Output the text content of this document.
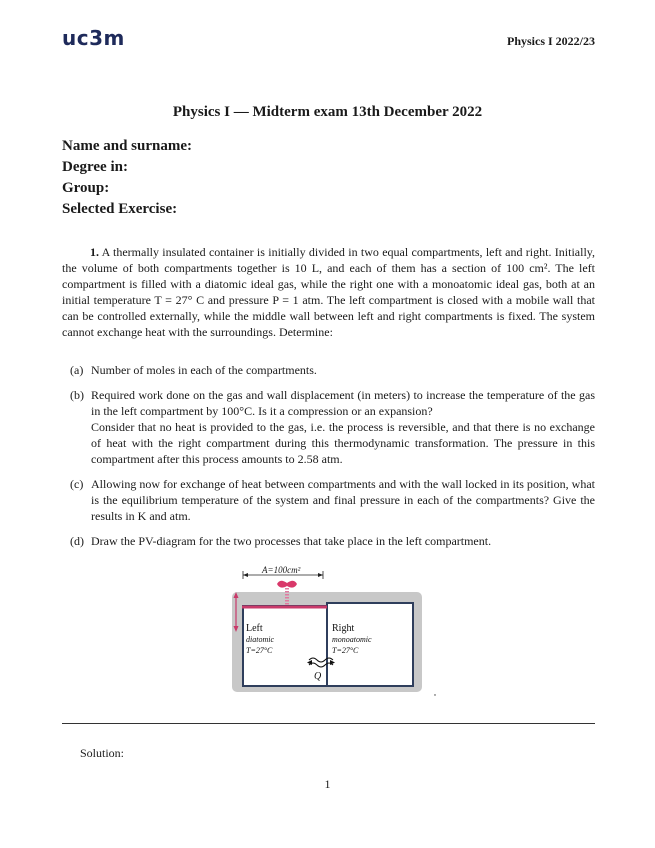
uc3m	Physics I 2022/23
Physics I — Midterm exam 13th December 2022
Name and surname:
Degree in:
Group:
Selected Exercise:

1. A thermally insulated container is initially divided in two equal compartments, left and right. Initially, the volume of both compartments together is 10 L, and each of them has a section of 100 cm². The left compartment is filled with a diatomic ideal gas, while the right one with a monoatomic ideal gas, both at an initial temperature T = 27° C and pressure P = 1 atm. The left compartment is closed with a mobile wall that can be controlled externally, while the middle wall between left and right compartments is fixed. The system cannot exchange heat with the surroundings. Determine:

(a) Number of moles in each of the compartments.

(b) Required work done on the gas and wall displacement (in meters) to increase the temperature of the gas in the left compartment by 100°C. Is it a compression or an expansion?

Consider that no heat is provided to the gas, i.e. the process is reversible, and that there is no exchange of heat with the right compartment during this thermodynamic transformation. The pressure in this compartment after this process amounts to 2.58 atm.

(c) Allowing now for exchange of heat between compartments and with the wall locked in its position, what is the equilibrium temperature of the system and final pressure in each of the compartments? Give the results in K and atm.

(d) Draw the PV-diagram for the two processes that take place in the left compartment.

A=100cm²
Left
diatomic
T=27°C
Right
monoatomic
T=27°C
Q
Solution:
1
